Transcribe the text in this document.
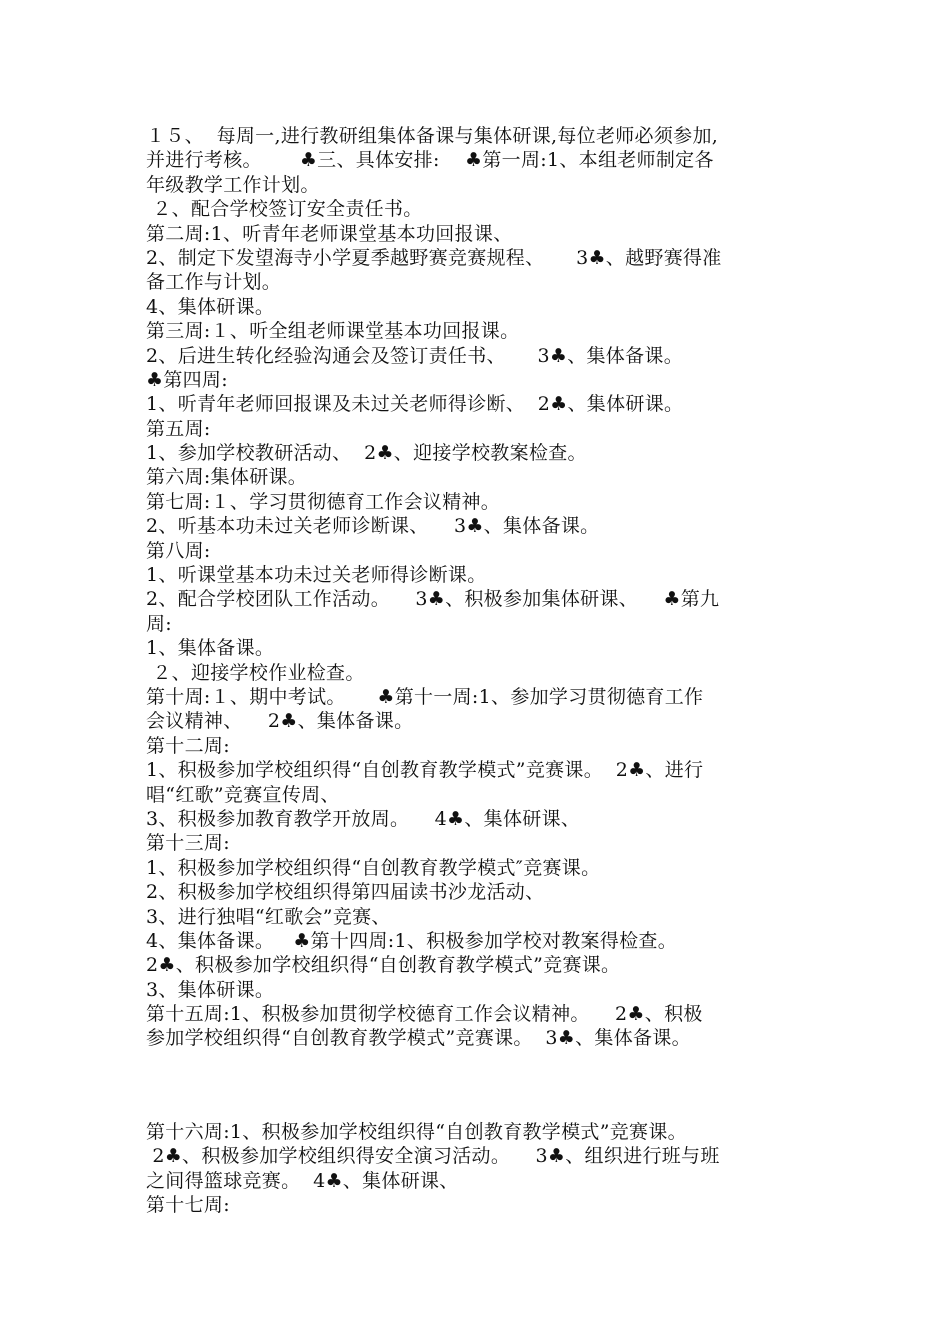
１５、  每周一,进行教研组集体备课与集体研课,每位老师必须参加,
并进行考核。      ♣三、具体安排:    ♣第一周:1、本组老师制定各
年级教学工作计划。
２、配合学校签订安全责任书。
第二周:1、听青年老师课堂基本功回报课、
2、制定下发望海寺小学夏季越野赛竞赛规程、     3♣、越野赛得准
备工作与计划。
4、集体研课。
第三周:１、听全组老师课堂基本功回报课。
2、后进生转化经验沟通会及签订责任书、     3♣、集体备课。
♣第四周:
1、听青年老师回报课及未过关老师得诊断、  2♣、集体研课。
第五周:
1、参加学校教研活动、  2♣、迎接学校教案检查。
第六周:集体研课。
第七周:１、学习贯彻德育工作会议精神。
2、听基本功未过关老师诊断课、    3♣、集体备课。
第八周:
1、听课堂基本功未过关老师得诊断课。
2、配合学校团队工作活动。    3♣、积极参加集体研课、    ♣第九
周:
1、集体备课。
２、迎接学校作业检查。
第十周:１、期中考试。     ♣第十一周:1、参加学习贯彻德育工作
会议精神、    2♣、集体备课。
第十二周:
1、积极参加学校组织得“自创教育教学模式”竞赛课。  2♣、进行
唱“红歌”竞赛宣传周、
3、积极参加教育教学开放周。    4♣、集体研课、
第十三周:
1、积极参加学校组织得“自创教育教学模式″竞赛课。
2、积极参加学校组织得第四届读书沙龙活动、
3、进行独唱“红歌会”竞赛、
4、集体备课。   ♣第十四周:1、积极参加学校对教案得检查。
2♣、积极参加学校组织得“自创教育教学模式”竞赛课。
3、集体研课。
第十五周:1、积极参加贯彻学校德育工作会议精神。    2♣、积极
参加学校组织得“自创教育教学模式”竞赛课。  3♣、集体备课。
第十六周:1、积极参加学校组织得“自创教育教学模式”竞赛课。
2♣、积极参加学校组织得安全演习活动。    3♣、组织进行班与班
之间得篮球竞赛。  4♣、集体研课、
第十七周:
